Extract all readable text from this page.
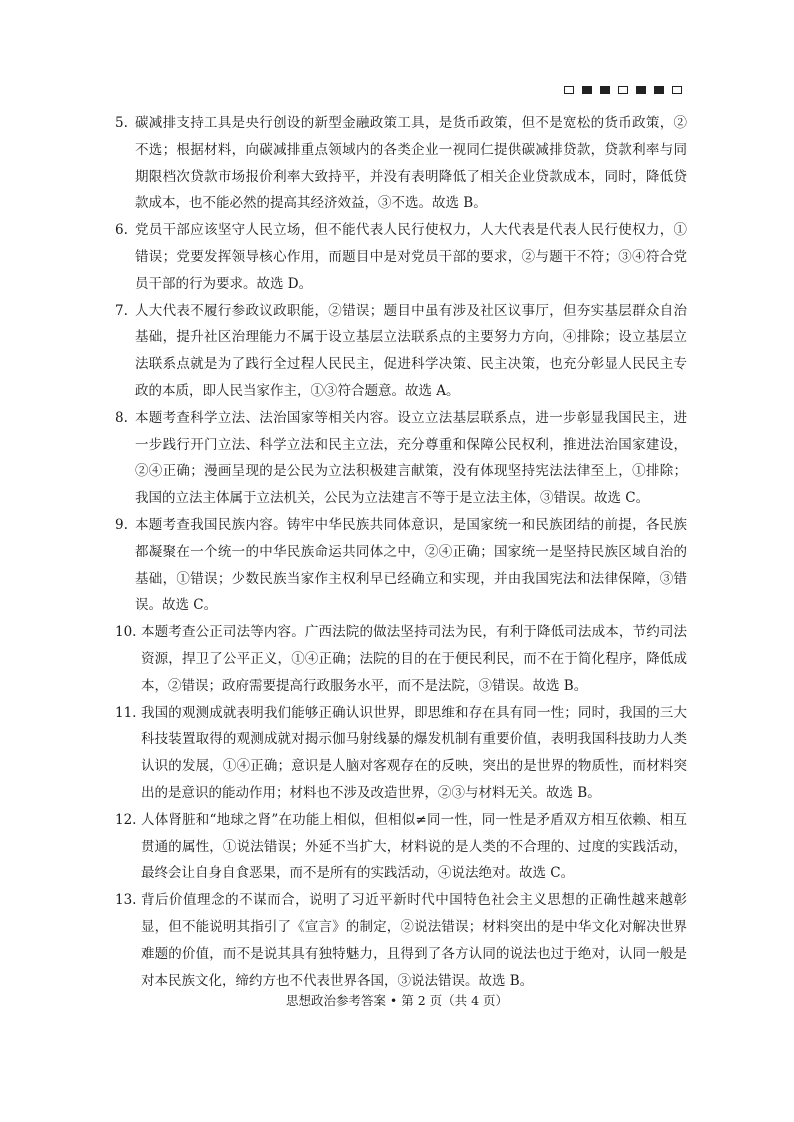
5. 碳减排支持工具是央行创设的新型金融政策工具，是货币政策，但不是宽松的货币政策，②不选；根据材料，向碳减排重点领域内的各类企业一视同仁提供碳减排贷款，贷款利率与同期限档次贷款市场报价利率大致持平，并没有表明降低了相关企业贷款成本，同时，降低贷款成本，也不能必然的提高其经济效益，③不选。故选 B。
6. 党员干部应该坚守人民立场，但不能代表人民行使权力，人大代表是代表人民行使权力，①错误；党要发挥领导核心作用，而题目中是对党员干部的要求，②与题干不符；③④符合党员干部的行为要求。故选 D。
7. 人大代表不履行参政议政职能，②错误；题目中虽有涉及社区议事厅，但夯实基层群众自治基础，提升社区治理能力不属于设立基层立法联系点的主要努力方向，④排除；设立基层立法联系点就是为了践行全过程人民民主，促进科学决策、民主决策，也充分彰显人民民主专政的本质，即人民当家作主，①③符合题意。故选 A。
8. 本题考查科学立法、法治国家等相关内容。设立立法基层联系点，进一步彰显我国民主，进一步践行开门立法、科学立法和民主立法，充分尊重和保障公民权利，推进法治国家建设，②④正确；漫画呈现的是公民为立法积极建言献策，没有体现坚持宪法法律至上，①排除；我国的立法主体属于立法机关，公民为立法建言不等于是立法主体，③错误。故选 C。
9. 本题考查我国民族内容。铸牢中华民族共同体意识，是国家统一和民族团结的前提，各民族都凝聚在一个统一的中华民族命运共同体之中，②④正确；国家统一是坚持民族区域自治的基础，①错误；少数民族当家作主权利早已经确立和实现，并由我国宪法和法律保障，③错误。故选 C。
10. 本题考查公正司法等内容。广西法院的做法坚持司法为民，有利于降低司法成本，节约司法资源，捍卫了公平正义，①④正确；法院的目的在于便民利民，而不在于简化程序，降低成本，②错误；政府需要提高行政服务水平，而不是法院，③错误。故选 B。
11. 我国的观测成就表明我们能够正确认识世界，即思维和存在具有同一性；同时，我国的三大科技装置取得的观测成就对揭示伽马射线暴的爆发机制有重要价值，表明我国科技助力人类认识的发展，①④正确；意识是人脑对客观存在的反映，突出的是世界的物质性，而材料突出的是意识的能动作用；材料也不涉及改造世界，②③与材料无关。故选 B。
12. 人体肾脏和“地球之肾”在功能上相似，但相似≠同一性，同一性是矛盾双方相互依赖、相互贯通的属性，①说法错误；外延不当扩大，材料说的是人类的不合理的、过度的实践活动，最终会让自身自食恶果，而不是所有的实践活动，④说法绝对。故选 C。
13. 背后价值理念的不谋而合，说明了习近平新时代中国特色社会主义思想的正确性越来越彰显，但不能说明其指引了《宣言》的制定，②说法错误；材料突出的是中华文化对解决世界难题的价值，而不是说其具有独特魅力，且得到了各方认同的说法也过于绝对，认同一般是对本民族文化，缔约方也不代表世界各国，③说法错误。故选 B。
思想政治参考答案 • 第 2 页（共 4 页）
